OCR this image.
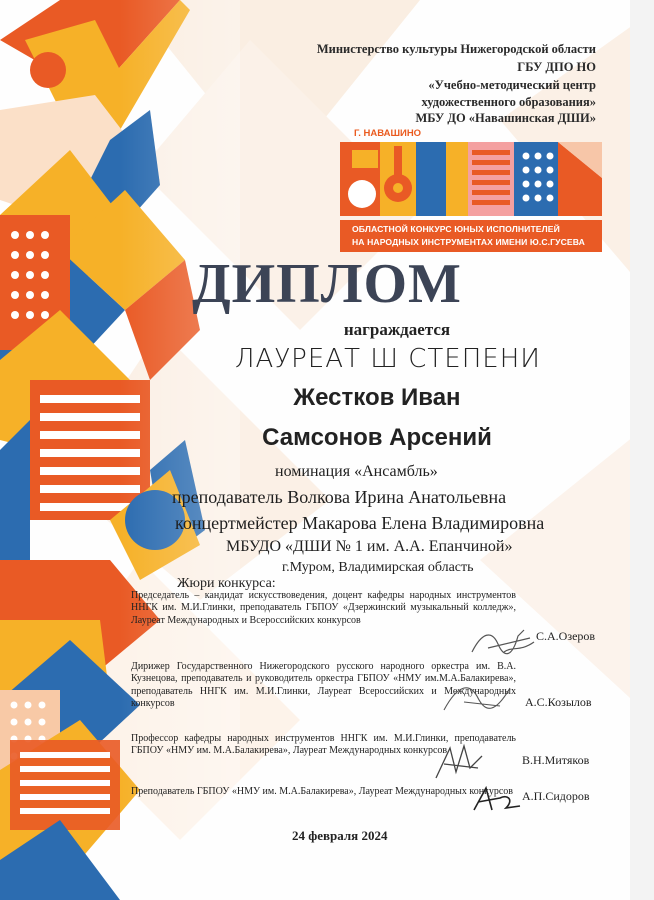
Министерство культуры Нижегородской области
ГБУ ДПО НО
«Учебно-методический центр
художественного образования»
МБУ ДО «Навашинская ДШИ»
Г. НАВАШИНО
ОБЛАСТНОЙ КОНКУРС ЮНЫХ ИСПОЛНИТЕЛЕЙ
НА НАРОДНЫХ ИНСТРУМЕНТАХ ИМЕНИ Ю.С.ГУСЕВА
ДИПЛОМ
награждается
ЛАУРЕАТ Ш СТЕПЕНИ
Жестков Иван
Самсонов Арсений
номинация «Ансамбль»
преподаватель Волкова Ирина Анатольевна
концертмейстер Макарова Елена Владимировна
МБУДО «ДШИ № 1 им. А.А. Епанчиной»
г.Муром, Владимирская область
Жюри конкурса:
Председатель – кандидат искусствоведения, доцент кафедры народных инструментов ННГК им. М.И.Глинки, преподаватель ГБПОУ «Дзержинский музыкальный колледж», Лауреат Международных и Всероссийских конкурсов
С.А.Озеров
Дирижер Государственного Нижегородского русского народного оркестра им. В.А. Кузнецова, преподаватель и руководитель оркестра ГБПОУ «НМУ им.М.А.Балакирева», преподаватель ННГК им. М.И.Глинки, Лауреат Всероссийских и Международных конкурсов	А.С.Козылов
Профессор кафедры народных инструментов ННГК им. М.И.Глинки, преподаватель ГБПОУ «НМУ им. М.А.Балакирева», Лауреат Международных конкурсов
В.Н.Митяков
Преподаватель ГБПОУ «НМУ им. М.А.Балакирева», Лауреат Международных конкурсов А.П.Сидоров
24 февраля 2024
